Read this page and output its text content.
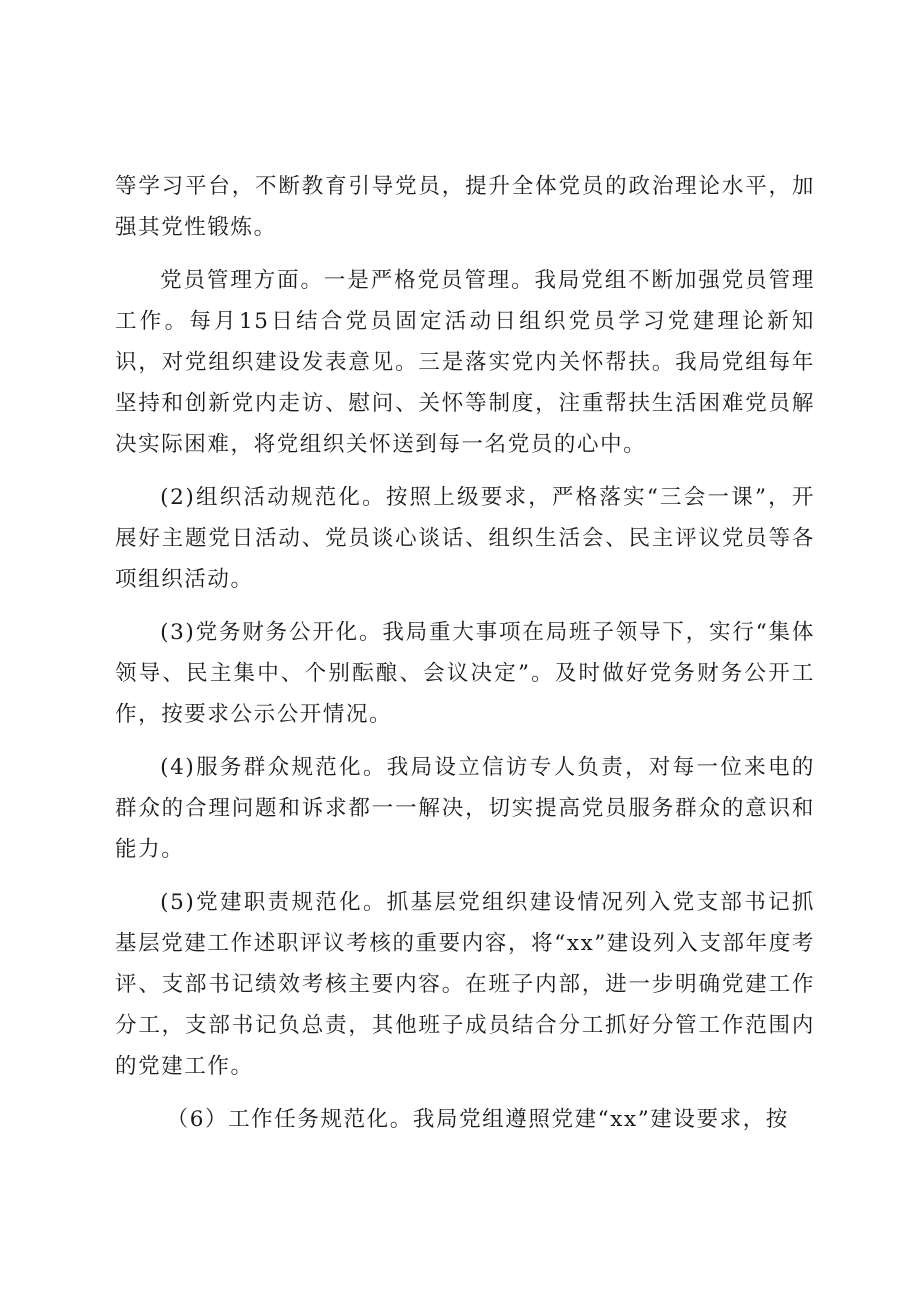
等学习平台，不断教育引导党员，提升全体党员的政治理论水平，加强其党性锻炼。

党员管理方面。一是严格党员管理。我局党组不断加强党员管理工作。每月15日结合党员固定活动日组织党员学习党建理论新知识，对党组织建设发表意见。三是落实党内关怀帮扶。我局党组每年坚持和创新党内走访、慰问、关怀等制度，注重帮扶生活困难党员解决实际困难，将党组织关怀送到每一名党员的心中。

(2)组织活动规范化。按照上级要求，严格落实“三会一课”，开展好主题党日活动、党员谈心谈话、组织生活会、民主评议党员等各项组织活动。

(3)党务财务公开化。我局重大事项在局班子领导下，实行“集体领导、民主集中、个别酝酿、会议决定”。及时做好党务财务公开工作，按要求公示公开情况。

(4)服务群众规范化。我局设立信访专人负责，对每一位来电的群众的合理问题和诉求都一一解决，切实提高党员服务群众的意识和能力。

(5)党建职责规范化。抓基层党组织建设情况列入党支部书记抓基层党建工作述职评议考核的重要内容，将“xx”建设列入支部年度考评、支部书记绩效考核主要内容。在班子内部，进一步明确党建工作分工，支部书记负总责，其他班子成员结合分工抓好分管工作范围内的党建工作。

（6）工作任务规范化。我局党组遵照党建“xx”建设要求，按
